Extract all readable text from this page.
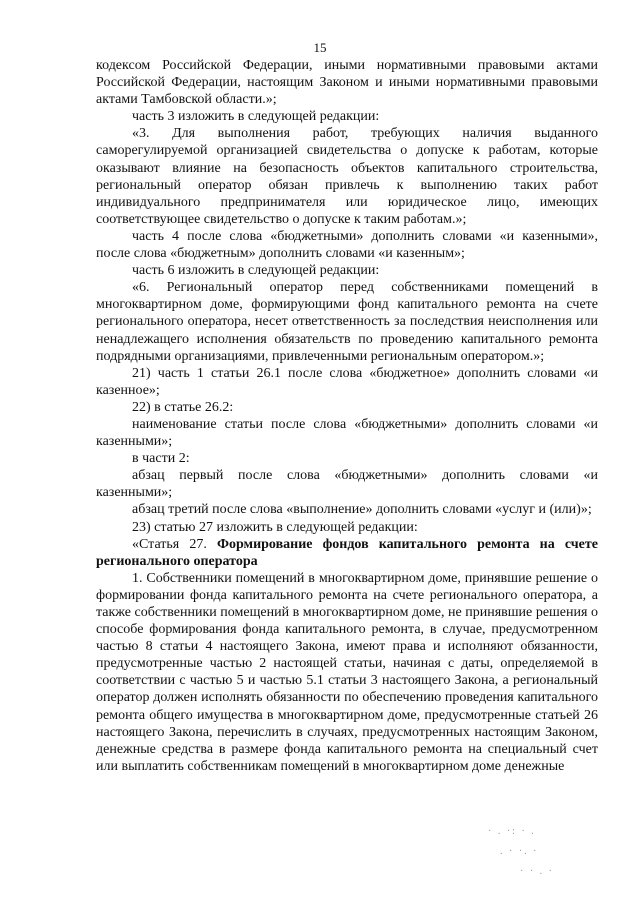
15

кодексом Российской Федерации, иными нормативными правовыми актами Российской Федерации, настоящим Законом и иными нормативными правовыми актами Тамбовской области.»;

часть 3 изложить в следующей редакции:

«3. Для выполнения работ, требующих наличия выданного саморегулируемой организацией свидетельства о допуске к работам, которые оказывают влияние на безопасность объектов капитального строительства, региональный оператор обязан привлечь к выполнению таких работ индивидуального предпринимателя или юридическое лицо, имеющих соответствующее свидетельство о допуске к таким работам.»;

часть 4 после слова «бюджетными» дополнить словами «и казенными», после слова «бюджетным» дополнить словами «и казенным»;

часть 6 изложить в следующей редакции:

«6. Региональный оператор перед собственниками помещений в многоквартирном доме, формирующими фонд капитального ремонта на счете регионального оператора, несет ответственность за последствия неисполнения или ненадлежащего исполнения обязательств по проведению капитального ремонта подрядными организациями, привлеченными региональным оператором.»;

21) часть 1 статьи 26.1 после слова «бюджетное» дополнить словами «и казенное»;

22) в статье 26.2:

наименование статьи после слова «бюджетными» дополнить словами «и казенными»;

в части 2:

абзац первый после слова «бюджетными» дополнить словами «и казенными»;

абзац третий после слова «выполнение» дополнить словами «услуг и (или)»;

23) статью 27 изложить в следующей редакции:

«Статья 27. Формирование фондов капитального ремонта на счете регионального оператора

1. Собственники помещений в многоквартирном доме, принявшие решение о формировании фонда капитального ремонта на счете регионального оператора, а также собственники помещений в многоквартирном доме, не принявшие решения о способе формирования фонда капитального ремонта, в случае, предусмотренном частью 8 статьи 4 настоящего Закона, имеют права и исполняют обязанности, предусмотренные частью 2 настоящей статьи, начиная с даты, определяемой в соответствии с частью 5 и частью 5.1 статьи 3 настоящего Закона, а региональный оператор должен исполнять обязанности по обеспечению проведения капитального ремонта общего имущества в многоквартирном доме, предусмотренные статьей 26 настоящего Закона, перечислить в случаях, предусмотренных настоящим Законом, денежные средства в размере фонда капитального ремонта на специальный счет или выплатить собственникам помещений в многоквартирном доме денежные

· . ·: · .
. · ·. ·
· · . ·
